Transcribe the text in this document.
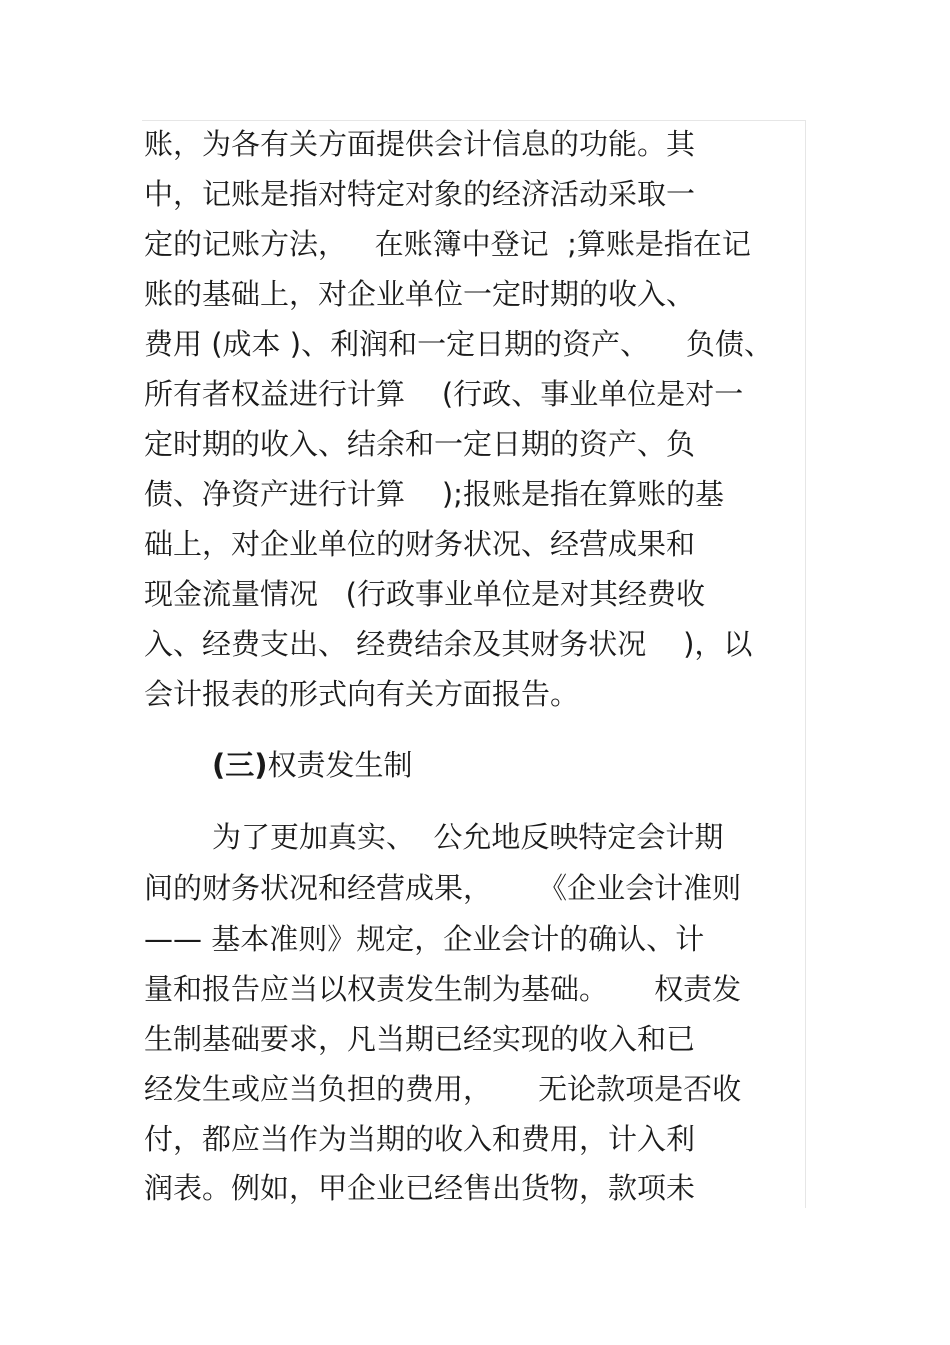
账，为各有关方面提供会计信息的功能。其
中，记账是指对特定对象的经济活动采取一
定的记账方法，   在账簿中登记  ;算账是指在记
账的基础上，对企业单位一定时期的收入、
费用 (成本 )、利润和一定日期的资产、    负债、
所有者权益进行计算    (行政、事业单位是对一
定时期的收入、结余和一定日期的资产、负
债、净资产进行计算    );报账是指在算账的基
础上，对企业单位的财务状况、经营成果和
现金流量情况   (行政事业单位是对其经费收
入、经费支出、 经费结余及其财务状况    )，以
会计报表的形式向有关方面报告。
(三)权责发生制
为了更加真实、  公允地反映特定会计期
间的财务状况和经营成果，     《企业会计准则
—— 基本准则》规定，企业会计的确认、计
量和报告应当以权责发生制为基础。     权责发
生制基础要求，凡当期已经实现的收入和已
经发生或应当负担的费用，     无论款项是否收
付，都应当作为当期的收入和费用，计入利
润表。例如，甲企业已经售出货物，款项未
